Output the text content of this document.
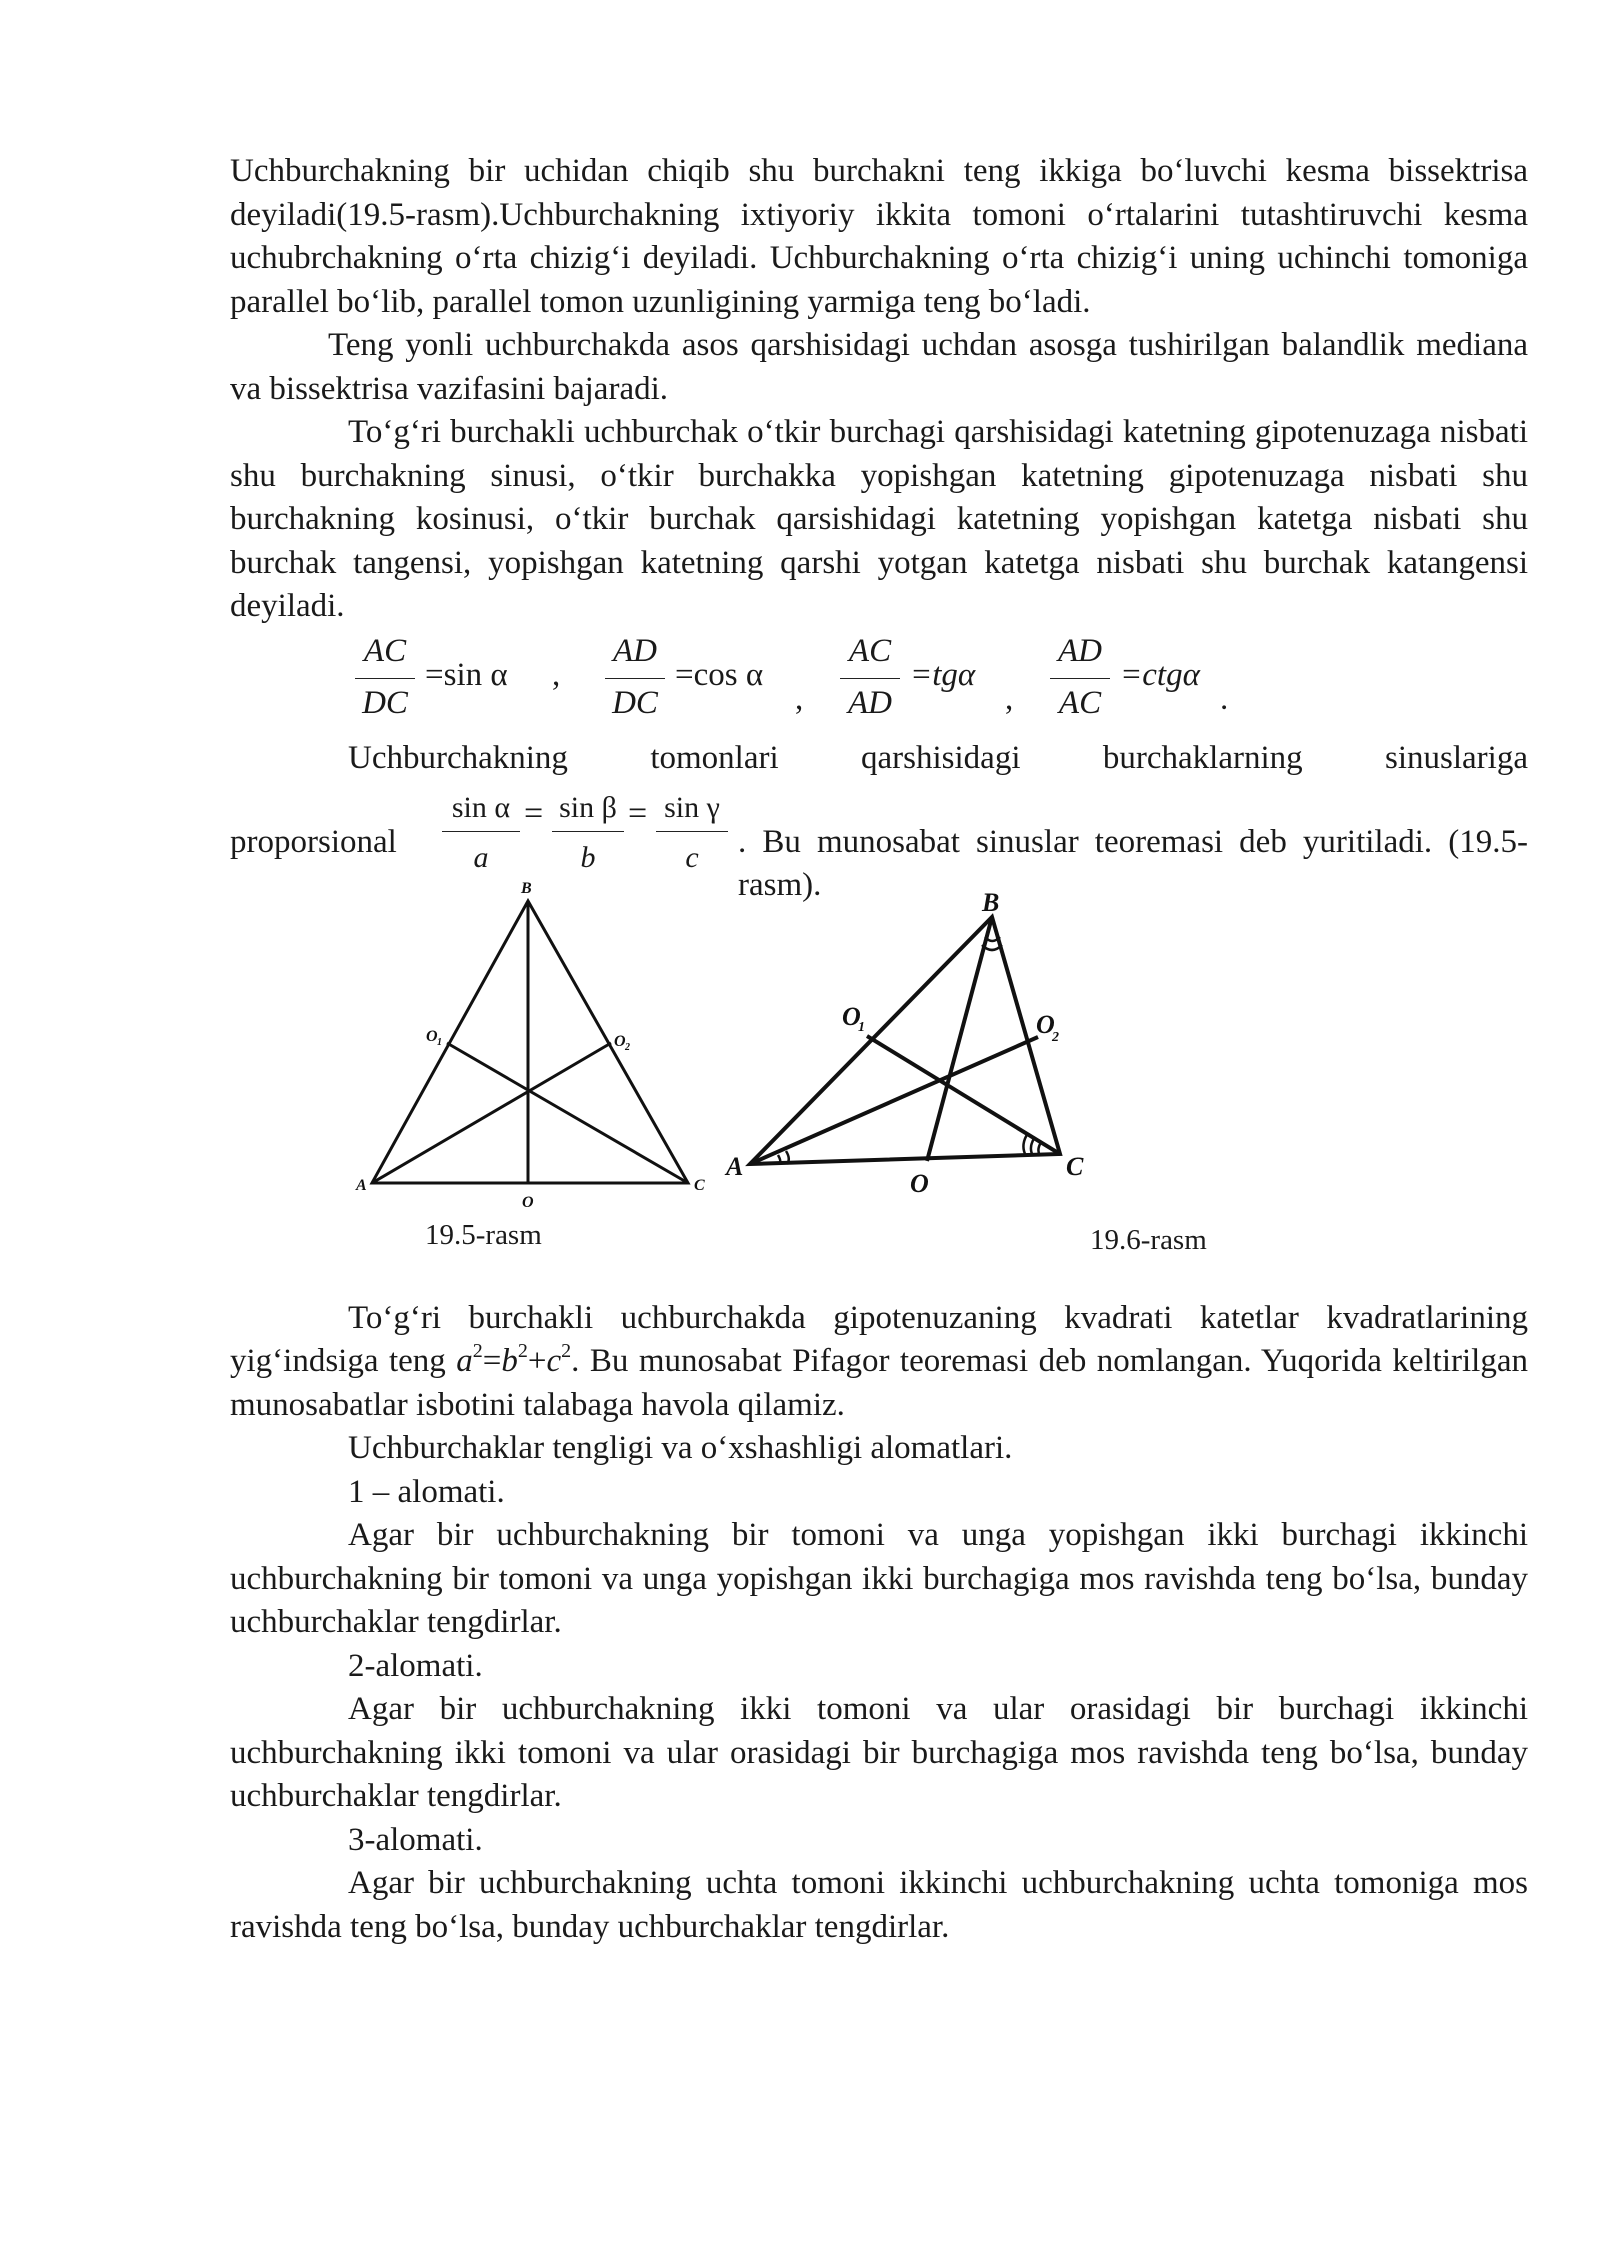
Uchburchakning bir uchidan chiqib shu burchakni teng ikkiga bo‘luvchi kesma bissektrisa deyiladi(19.5-rasm).Uchburchakning ixtiyoriy ikkita tomoni o‘rtalarini tutashtiruvchi kesma uchubrchakning o‘rta chizig‘i deyiladi. Uchburchakning o‘rta chizig‘i uning uchinchi tomoniga parallel bo‘lib, parallel tomon uzunligining yarmiga teng bo‘ladi.

Teng yonli uchburchakda asos qarshisidagi uchdan asosga tushirilgan balandlik mediana va bissektrisa vazifasini bajaradi.

To‘g‘ri burchakli uchburchak o‘tkir burchagi qarshisidagi katetning gipotenuzaga nisbati shu burchakning sinusi, o‘tkir burchakka yopishgan katetning gipotenuzaga nisbati shu burchakning kosinusi, o‘tkir burchak qarsishidagi katetning yopishgan katetga nisbati shu burchak tangensi, yopishgan katetning qarshi yotgan katetga nisbati shu burchak katangensi deyiladi.

AC
DC
=sin α ,
AD
DC
=cos α
,
AC
AD
=tgα
,
AD
AC
=ctgα
.

Uchburchakning tomonlari qarshisidagi burchaklarning sinuslariga

proporsional
sin α
a
= sin β
b
= sin γ
c	. Bu munosabat sinuslar teoremasi deb yuritiladi. (19.5-rasm).
B
A	C
O
O 1	O 2
B
A	C
O
O
1	O
2
19.5-rasm	19.6-rasm

To‘g‘ri burchakli uchburchakda gipotenuzaning kvadrati katetlar kvadratlarining yig‘indsiga teng $a^2=b^2+c^2$. Bu munosabat Pifagor teoremasi deb nomlangan. Yuqorida keltirilgan munosabatlar isbotini talabaga havola qilamiz.

Uchburchaklar tengligi va o‘xshashligi alomatlari.

1 – alomati.

Agar bir uchburchakning bir tomoni va unga yopishgan ikki burchagi ikkinchi uchburchakning bir tomoni va unga yopishgan ikki burchagiga mos ravishda teng bo‘lsa, bunday uchburchaklar tengdirlar.

2-alomati.

Agar bir uchburchakning ikki tomoni va ular orasidagi bir burchagi ikkinchi uchburchakning ikki tomoni va ular orasidagi bir burchagiga mos ravishda teng bo‘lsa, bunday uchburchaklar tengdirlar.

3-alomati.

Agar bir uchburchakning uchta tomoni ikkinchi uchburchakning uchta tomoniga mos ravishda teng bo‘lsa, bunday uchburchaklar tengdirlar.
